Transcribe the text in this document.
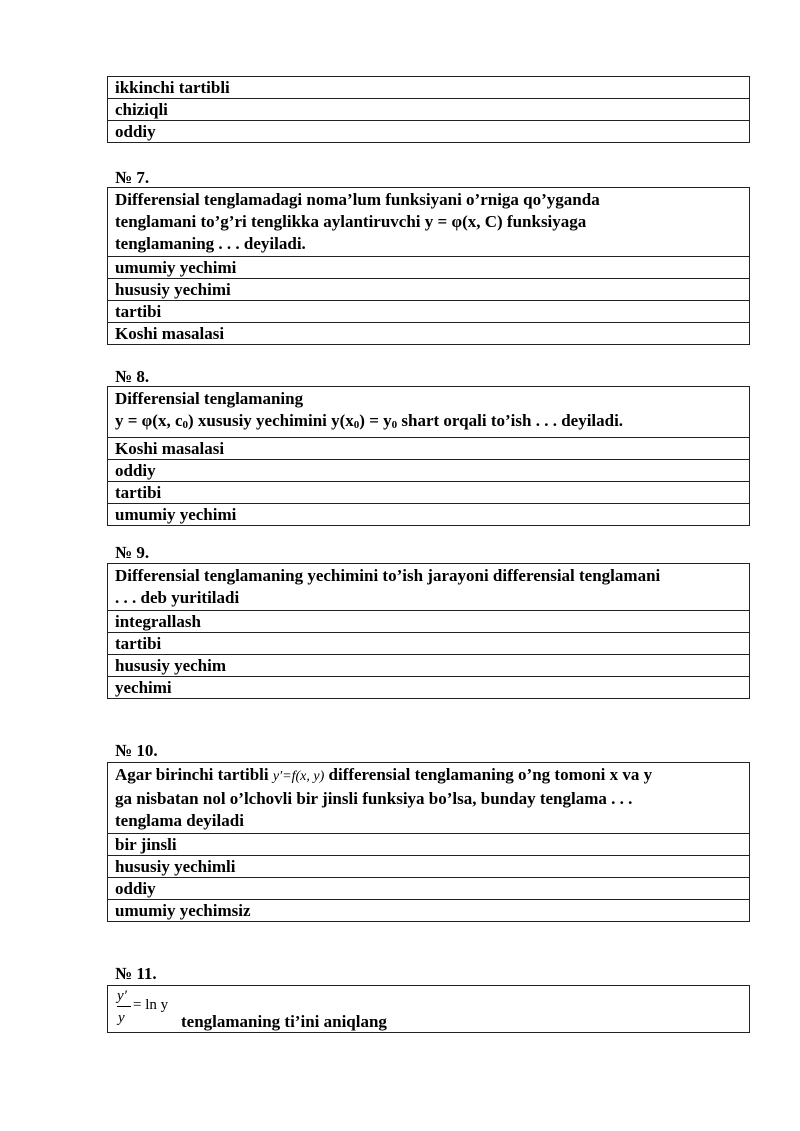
ikkinchi tartibli
chiziqli
oddiy
№ 7.
Differensial tenglamadagi noma’lum funksiyani o’rniga qo’yganda
tenglamani to’g’ri tenglikka aylantiruvchi y = φ(x, C) funksiyaga
tenglamaning . . . deyiladi.
umumiy yechimi
hususiy yechimi
tartibi
Koshi masalasi
№ 8.
Differensial tenglamaning
y = φ(x, $c_0$) xususiy yechimini $y(x_0) = y_0$ shart orqali to’ish . . . deyiladi.
Koshi masalasi
oddiy
tartibi
umumiy yechimi
№ 9.
Differensial tenglamaning yechimini to’ish jarayoni differensial tenglamani
. . . deb yuritiladi
integrallash
tartibi
hususiy yechim
yechimi
№ 10.
Agar birinchi tartibli y′=f(x, y) differensial tenglamaning o’ng tomoni x va y
ga nisbatan nol o’lchovli bir jinsli funksiya bo’lsa, bunday tenglama . . .
tenglama deyiladi
bir jinsli
hususiy yechimli
oddiy
umumiy yechimsiz
№ 11.
y′
y
= ln y
tenglamaning ti’ini aniqlang
